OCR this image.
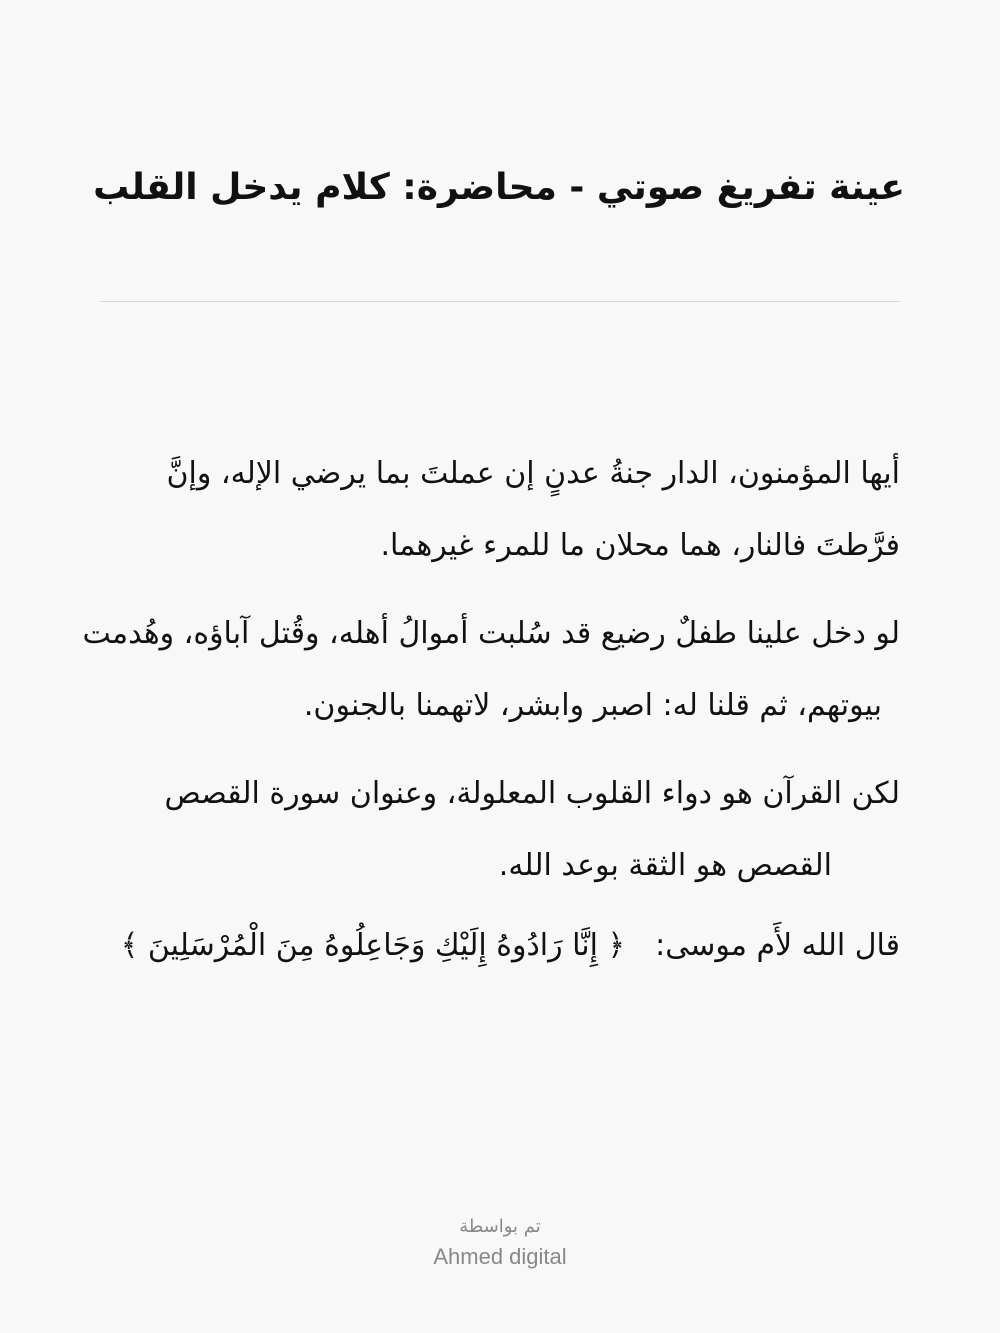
عينة تفريغ صوتي - محاضرة: كلام يدخل القلب
أيها المؤمنون، الدار جنةُ عدنٍ إن عملتَ بما يرضي الإله، وإنَّ
فرَّطتَ فالنار، هما محلان ما للمرء غيرهما.
لو دخل علينا طفلٌ رضيع قد سُلبت أموالُ أهله، وقُتل آباؤه، وهُدمت
بيوتهم، ثم قلنا له: اصبر وابشر، لاتهمنا بالجنون.
لكن القرآن هو دواء القلوب المعلولة، وعنوان سورة القصص
القصص هو الثقة بوعد الله.
قال الله لأَم موسى:﴿ إِنَّا رَادُوهُ إِلَيْكِ وَجَاعِلُوهُ مِنَ الْمُرْسَلِينَ ﴾
تم بواسطة
Ahmed digital
